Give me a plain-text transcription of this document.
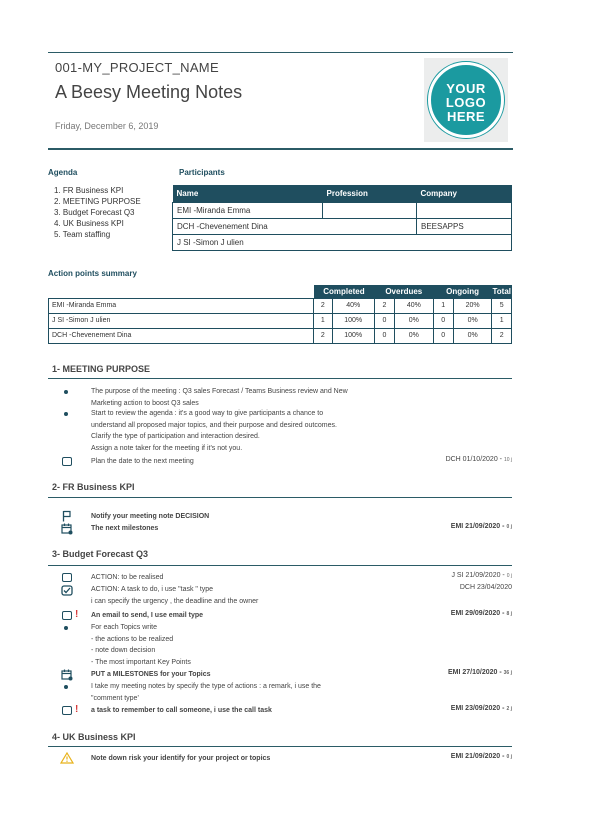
001-MY_PROJECT_NAME
A Beesy Meeting Notes
Friday, December 6, 2019
YOUR
LOGO
HERE
Agenda
1. FR Business KPI
2. MEETING PURPOSE
3. Budget Forecast Q3
4. UK Business KPI
5. Team staffing
Participants
Name	Profession	Company
EMI -Miranda Emma		
DCH -Chevenement Dina		BEESAPPS
J SI -Simon J ulien		
Action points summary
	Completed		Overdues		Ongoing		Total
EMI -Miranda Emma	2	40%	2	40%	1	20%	5
J SI -Simon J ulien	1	100%	0	0%	0	0%	1
DCH -Chevenement Dina	2	100%	0	0%	0	0%	2
1- MEETING PURPOSE
The purpose of the meeting : Q3 sales Forecast / Teams Business review and New
Marketing action to boost Q3 sales
Start to review the agenda : it's a good way to give participants a chance to
understand all proposed major topics, and their purpose and desired outcomes.
Clarify the type of participation and interaction desired.
Assign a note taker for the meeting if it's not you.
Plan the date to the next meeting	DCH 01/10/2020 - 10 j
2- FR Business KPI
Notify your meeting note DECISION
The next milestones	EMI 21/09/2020 - 0 j
3- Budget Forecast Q3
ACTION: to be realised	J SI 21/09/2020 - 0 j
ACTION: A task to do, i use "task " type
i can specify the urgency , the deadline and the owner
DCH 23/04/2020
! An email to send, I use email type	EMI 29/09/2020 - 8 j
For each Topics write
- the actions to be realized
- note down decision
- The most important Key Points
PUT a MILESTONES for your Topics	EMI 27/10/2020 - 36 j
I take my meeting notes by specify the type of actions : a remark, i use the
"comment type'
! a task to remember to call someone, i use the call task	EMI 23/09/2020 - 2 j
4- UK Business KPI
Note down risk your identify for your project or topics	EMI 21/09/2020 - 0 j
